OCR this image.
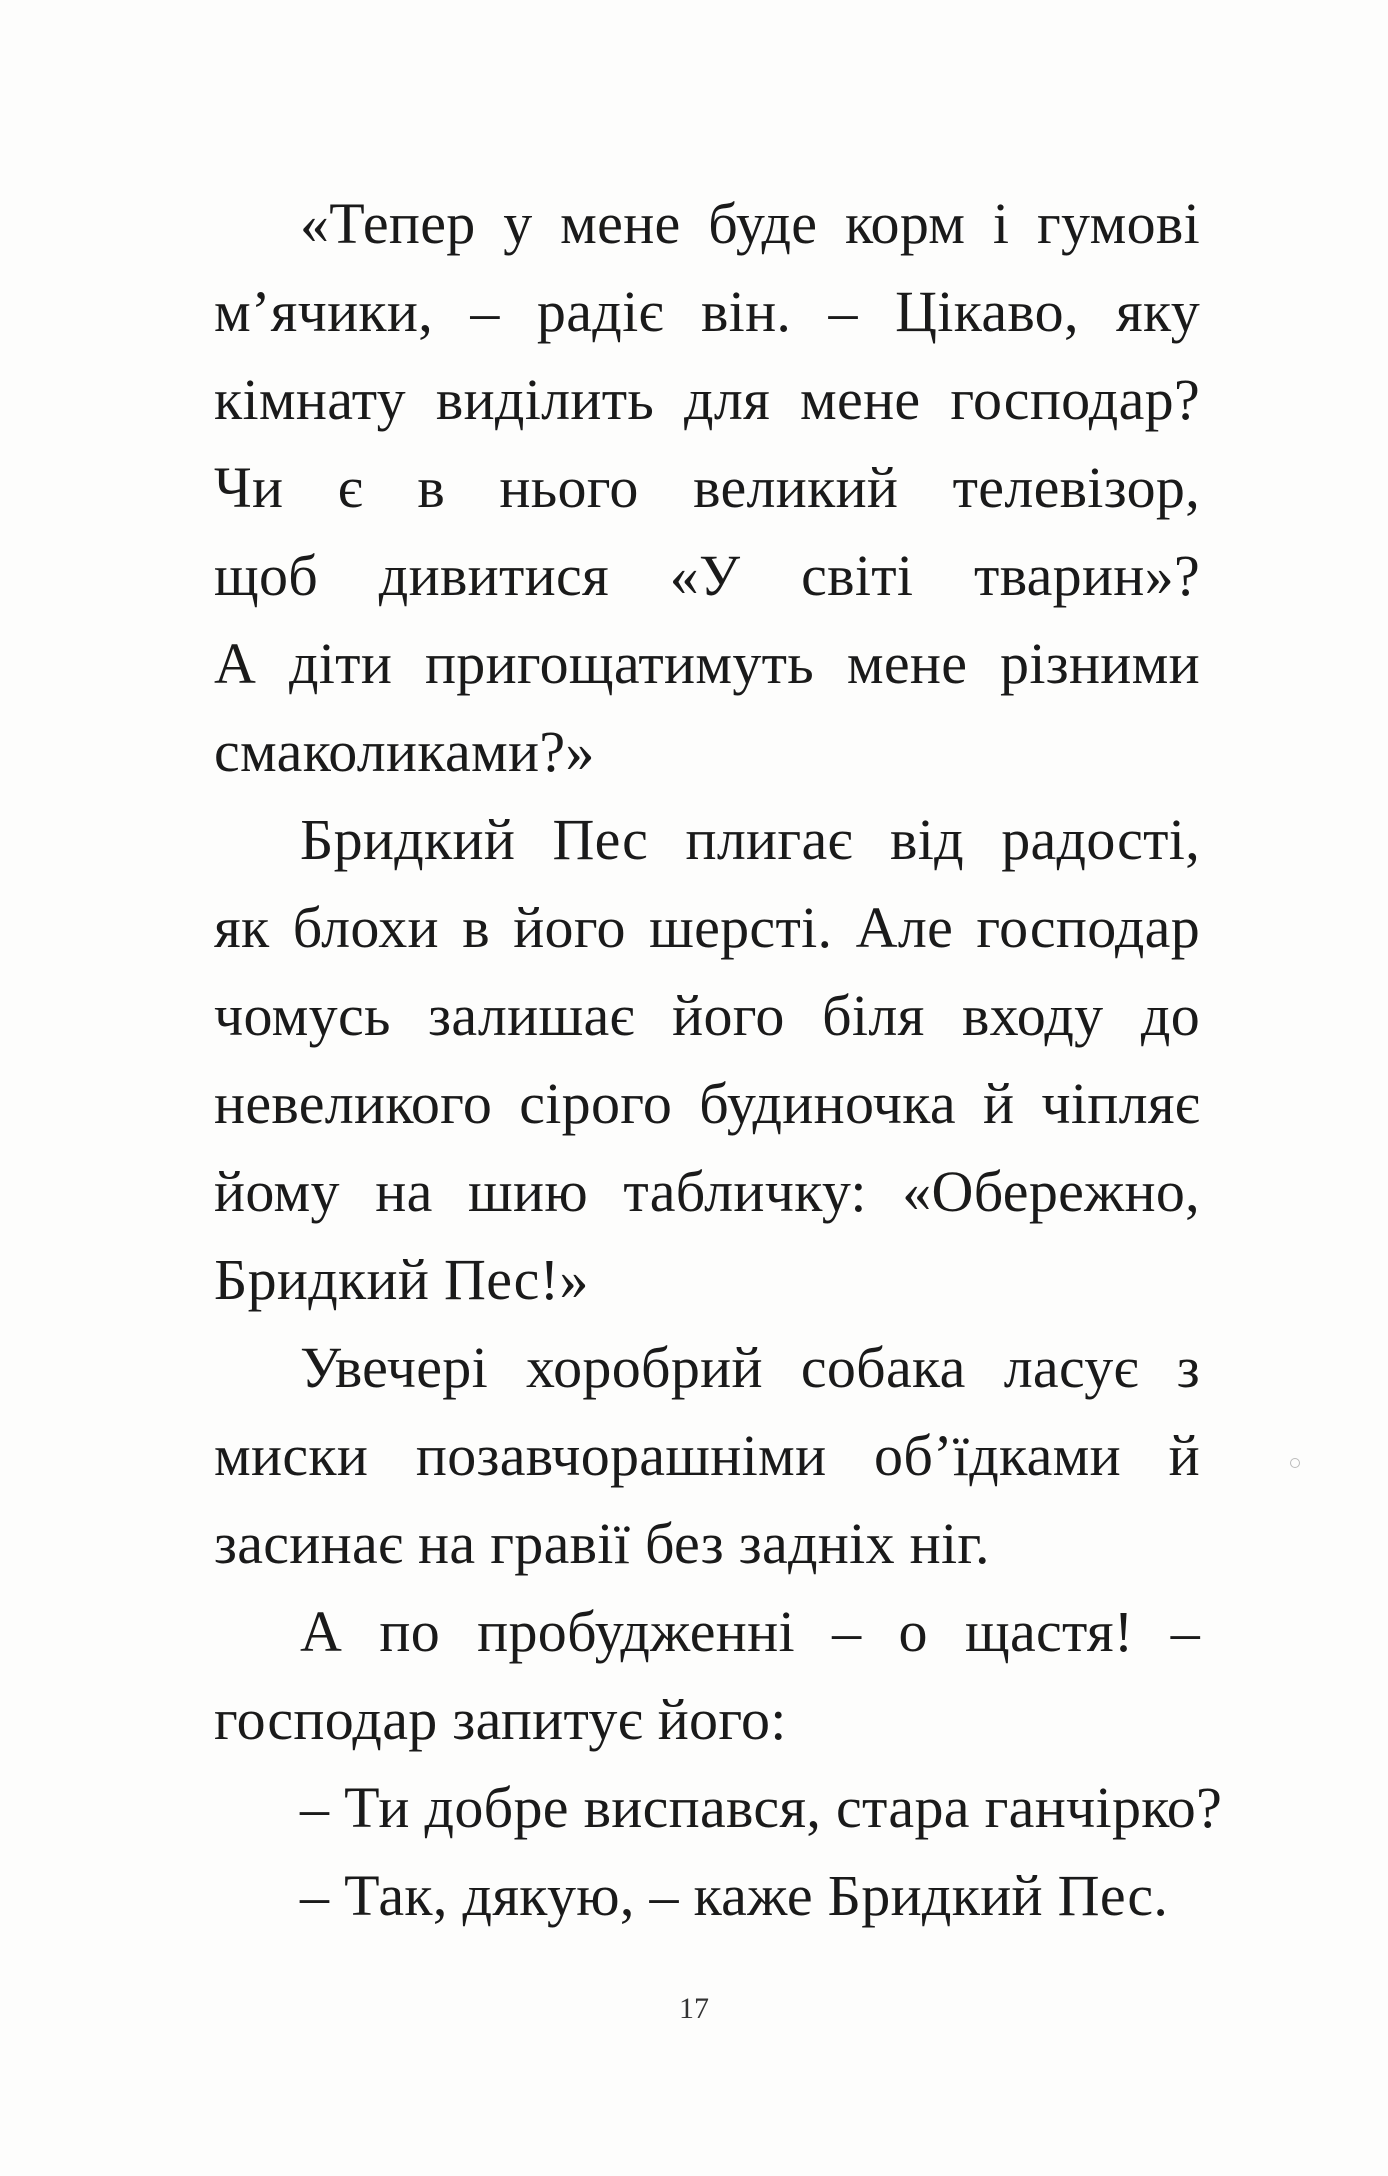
«Тепер у мене буде корм і гумові
м’ячики, – радіє він. – Цікаво, яку
кімнату виділить для мене господар?
Чи є в нього великий телевізор,
щоб дивитися «У світі тварин»?
А діти пригощатимуть мене різними
смаколиками?»
Бридкий Пес плигає від радості,
як блохи в його шерсті. Але господар
чомусь залишає його біля входу до
невеликого сірого будиночка й чіпляє
йому на шию табличку: «Обережно,
Бридкий Пес!»
Увечері хоробрий собака ласує з
миски позавчорашніми об’їдками й
засинає на гравії без задніх ніг.
А по пробудженні – о щастя! –
господар запитує його:
– Ти добре виспався, стара ганчірко?
– Так, дякую, – каже Бридкий Пес.
17
